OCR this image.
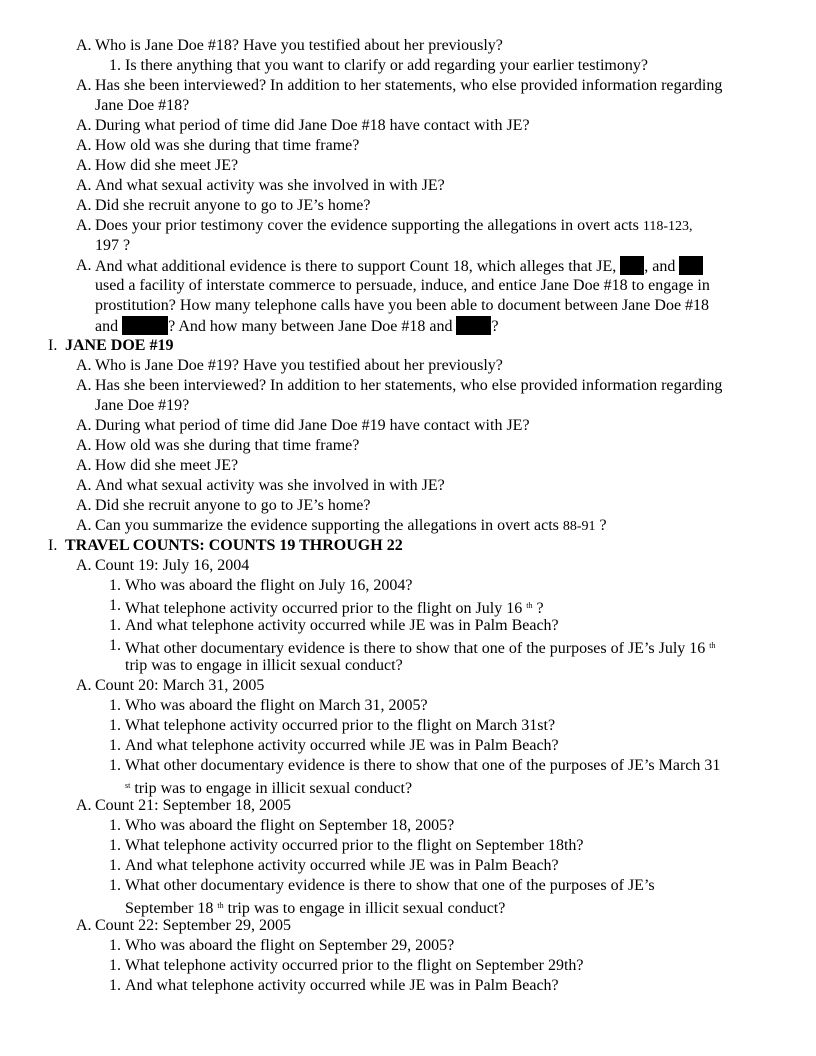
A. Who is Jane Doe #18? Have you testified about her previously?
1. Is there anything that you want to clarify or add regarding your earlier testimony?
A. Has she been interviewed? In addition to her statements, who else provided information regarding Jane Doe #18?
A. During what period of time did Jane Doe #18 have contact with JE?
A. How old was she during that time frame?
A. How did she meet JE?
A. And what sexual activity was she involved in with JE?
A. Did she recruit anyone to go to JE’s home?
A. Does your prior testimony cover the evidence supporting the allegations in overt acts 118-123,
197 ?
A. And what additional evidence is there to support Count 18, which alleges that JE, , and
used a facility of interstate commerce to persuade, induce, and entice Jane Doe #18 to engage in
prostitution? How many telephone calls have you been able to document between Jane Doe #18
and	? And how many between Jane Doe #18 and ?
I. JANE DOE #19
A. Who is Jane Doe #19? Have you testified about her previously?
A. Has she been interviewed? In addition to her statements, who else provided information regarding Jane Doe #19?
A. During what period of time did Jane Doe #19 have contact with JE?
A. How old was she during that time frame?
A. How did she meet JE?
A. And what sexual activity was she involved in with JE?
A. Did she recruit anyone to go to JE’s home?
A. Can you summarize the evidence supporting the allegations in overt acts 88-91 ?
I. TRAVEL COUNTS: COUNTS 19 THROUGH 22
A. Count 19: July 16, 2004
1. Who was aboard the flight on July 16, 2004?
1. What telephone activity occurred prior to the flight on July 16 $^{th}$ ?
1. And what telephone activity occurred while JE was in Palm Beach?
1. What other documentary evidence is there to show that one of the purposes of JE’s July 16 $^{th}$
trip was to engage in illicit sexual conduct?
A. Count 20: March 31, 2005
1. Who was aboard the flight on March 31, 2005?
1. What telephone activity occurred prior to the flight on March 31st?
1. And what telephone activity occurred while JE was in Palm Beach?
1. What other documentary evidence is there to show that one of the purposes of JE’s March 31
$^{st}$ trip was to engage in illicit sexual conduct?
A. Count 21: September 18, 2005
1. Who was aboard the flight on September 18, 2005?
1. What telephone activity occurred prior to the flight on September 18th?
1. And what telephone activity occurred while JE was in Palm Beach?
1. What other documentary evidence is there to show that one of the purposes of JE’s
September 18 $^{th}$ trip was to engage in illicit sexual conduct?
A. Count 22: September 29, 2005
1. Who was aboard the flight on September 29, 2005?
1. What telephone activity occurred prior to the flight on September 29th?
1. And what telephone activity occurred while JE was in Palm Beach?
